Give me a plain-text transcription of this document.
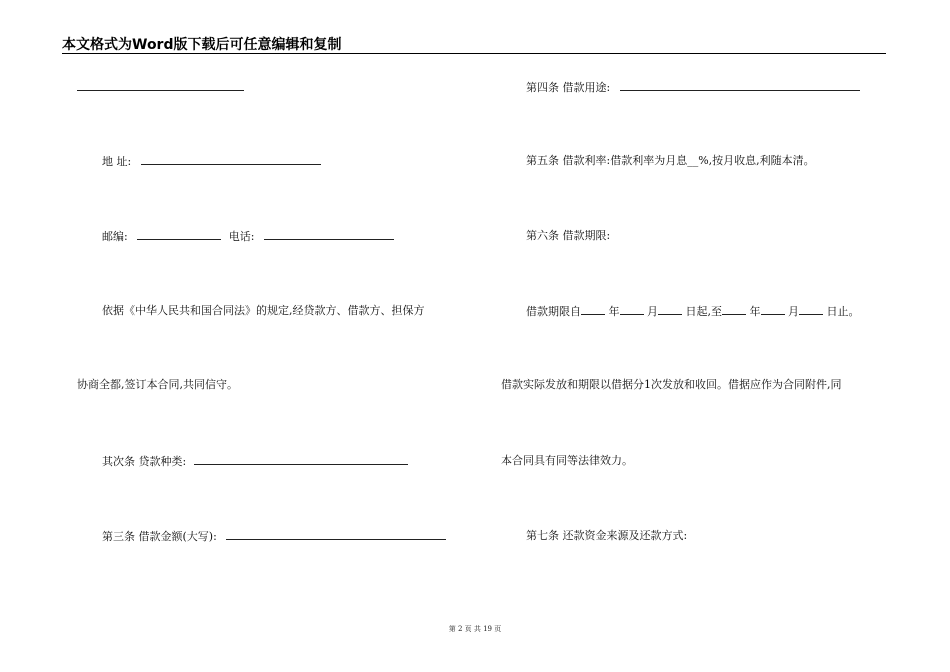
本文格式为Word版下载后可任意编辑和复制
地 址:
邮编:	电话:
依据《中华人民共和国合同法》的规定,经贷款方、借款方、担保方
协商全都,签订本合同,共同信守。
其次条 贷款种类:
第三条 借款金额(大写):
第四条 借款用途:
第五条 借款利率:借款利率为月息__%,按月收息,利随本清。
第六条 借款期限:
借款期限自	年	月	日起,至	年	月	日止。
借款实际发放和期限以借据分1次发放和收回。借据应作为合同附件,同
本合同具有同等法律效力。
第七条 还款资金来源及还款方式:
第 2 页 共 19 页
